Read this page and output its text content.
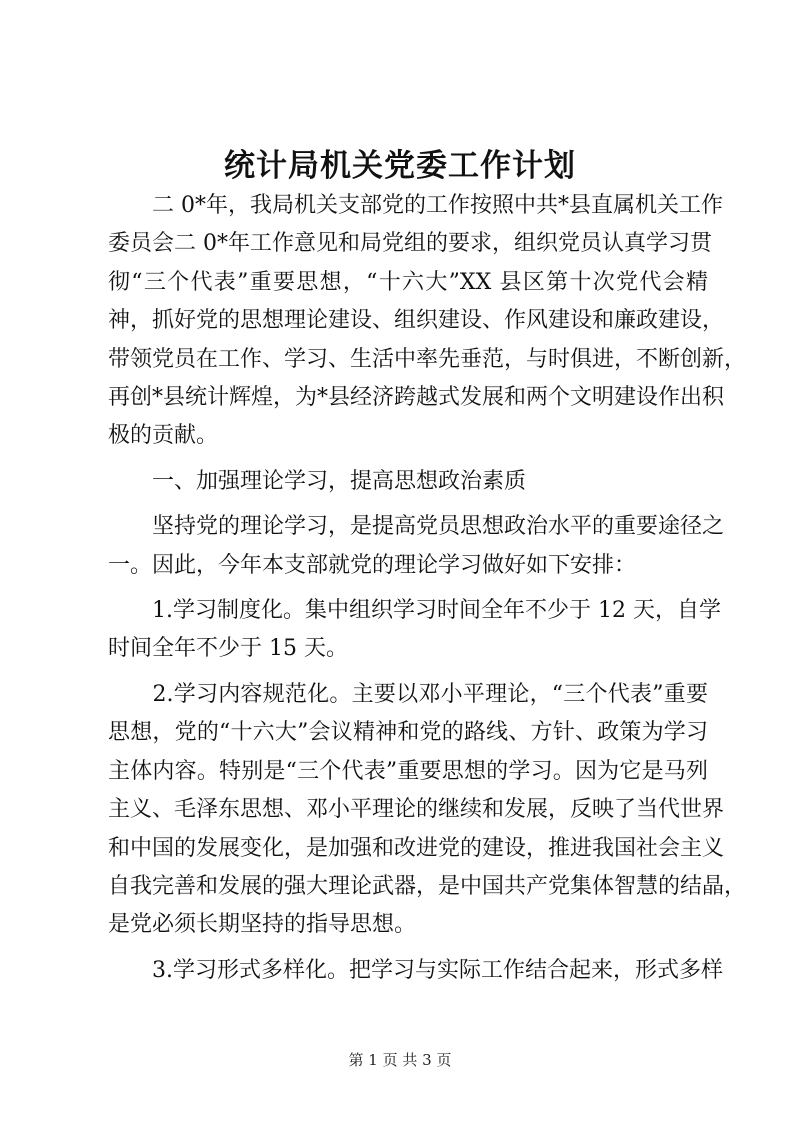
统计局机关党委工作计划

　　二 0*年，我局机关支部党的工作按照中共*县直属机关工作
委员会二 0*年工作意见和局党组的要求，组织党员认真学习贯
彻“三个代表”重要思想，“十六大”XX 县区第十次党代会精
神，抓好党的思想理论建设、组织建设、作风建设和廉政建设，
带领党员在工作、学习、生活中率先垂范，与时俱进，不断创新，
再创*县统计辉煌，为*县经济跨越式发展和两个文明建设作出积
极的贡献。

　　一、加强理论学习，提高思想政治素质

　　坚持党的理论学习，是提高党员思想政治水平的重要途径之
一。因此，今年本支部就党的理论学习做好如下安排：

　　1.学习制度化。集中组织学习时间全年不少于 12 天，自学
时间全年不少于 15 天。

　　2.学习内容规范化。主要以邓小平理论，“三个代表”重要
思想，党的“十六大”会议精神和党的路线、方针、政策为学习
主体内容。特别是“三个代表”重要思想的学习。因为它是马列
主义、毛泽东思想、邓小平理论的继续和发展，反映了当代世界
和中国的发展变化，是加强和改进党的建设，推进我国社会主义
自我完善和发展的强大理论武器，是中国共产党集体智慧的结晶，
是党必须长期坚持的指导思想。

　　3.学习形式多样化。把学习与实际工作结合起来，形式多样

第 1 页 共 3 页
